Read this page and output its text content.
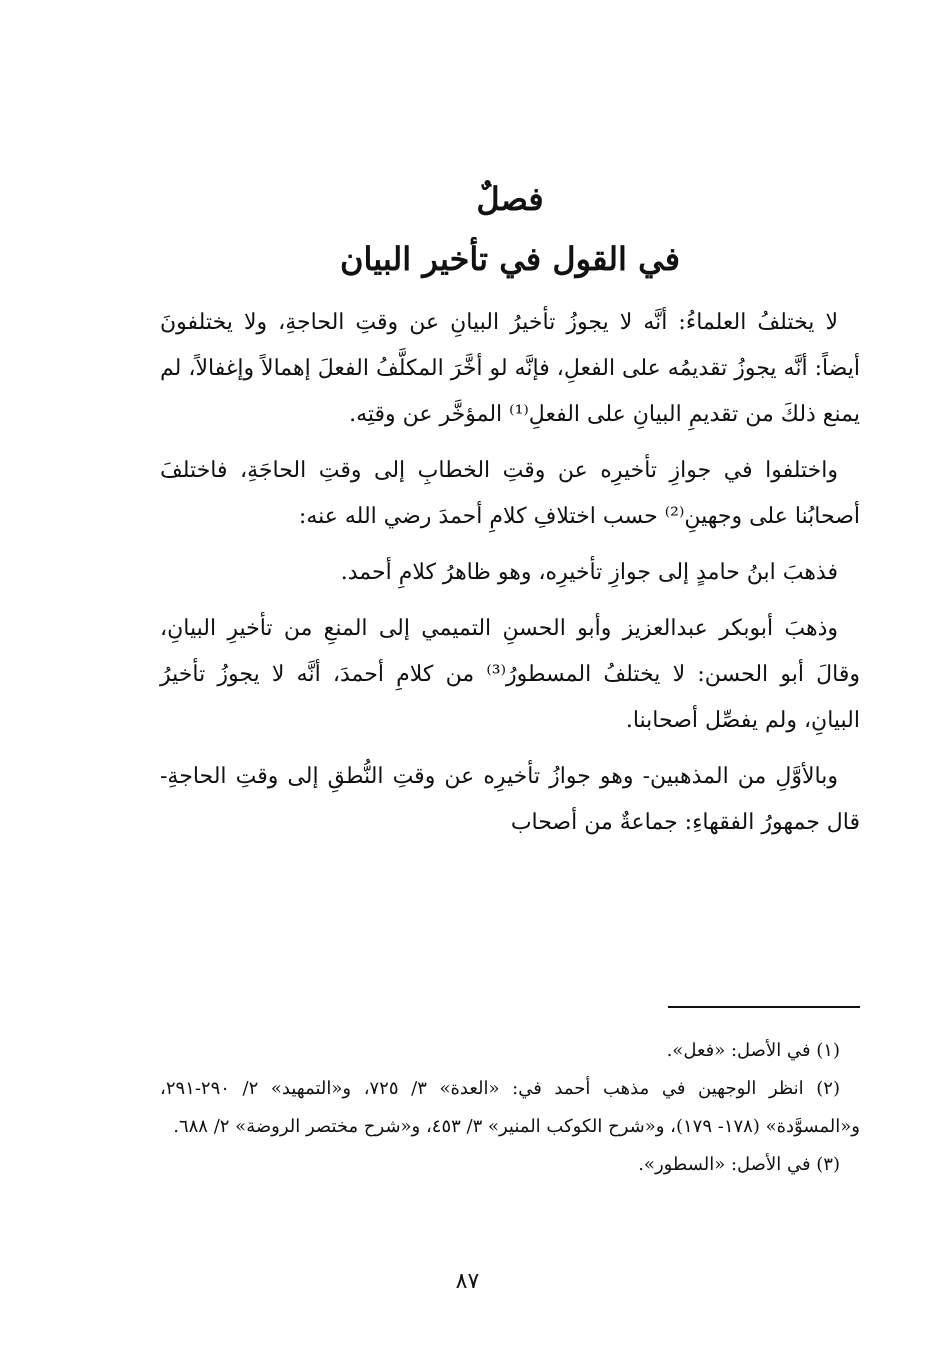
فصلٌ
في القول في تأخير البيان

لا يختلفُ العلماءُ: أنَّه لا يجوزُ تأخيرُ البيانِ عن وقتِ الحاجةِ، ولا يختلفونَ أيضاً: أنَّه يجوزُ تقديمُه على الفعلِ، فإنَّه لو أخَّرَ المكلَّفُ الفعلَ إهمالاً وإغفالاً، لم يمنع ذلكَ من تقديمِ البيانِ على الفعلِ⁽¹⁾ المؤخَّر عن وقتِه.

واختلفوا في جوازِ تأخيرِه عن وقتِ الخطابِ إلى وقتِ الحاجَةِ، فاختلفَ أصحابُنا على وجهينِ⁽²⁾ حسب اختلافِ كلامِ أحمدَ رضي الله عنه:

فذهبَ ابنُ حامدٍ إلى جوازِ تأخيرِه، وهو ظاهرُ كلامِ أحمد.

وذهبَ أبوبكر عبدالعزيز وأبو الحسنِ التميمي إلى المنعِ من تأخيرِ البيانِ، وقالَ أبو الحسن: لا يختلفُ المسطورُ⁽³⁾ من كلامِ أحمدَ، أنَّه لا يجوزُ تأخيرُ البيانِ، ولم يفصِّل أصحابنا.

وبالأوَّلِ من المذهبين- وهو جوازُ تأخيرِه عن وقتِ النُّطقِ إلى وقتِ الحاجةِ- قال جمهورُ الفقهاءِ: جماعةٌ من أصحاب

(١) في الأصل: «فعل».

(٢) انظر الوجهين في مذهب أحمد في: «العدة» ٣/ ٧٢٥، و«التمهيد» ٢/ ٢٩٠-٢٩١، و«المسوَّدة» (١٧٨- ١٧٩)، و«شرح الكوكب المنير» ٣/ ٤٥٣، و«شرح مختصر الروضة» ٢/ ٦٨٨.

(٣) في الأصل: «السطور».

٨٧
